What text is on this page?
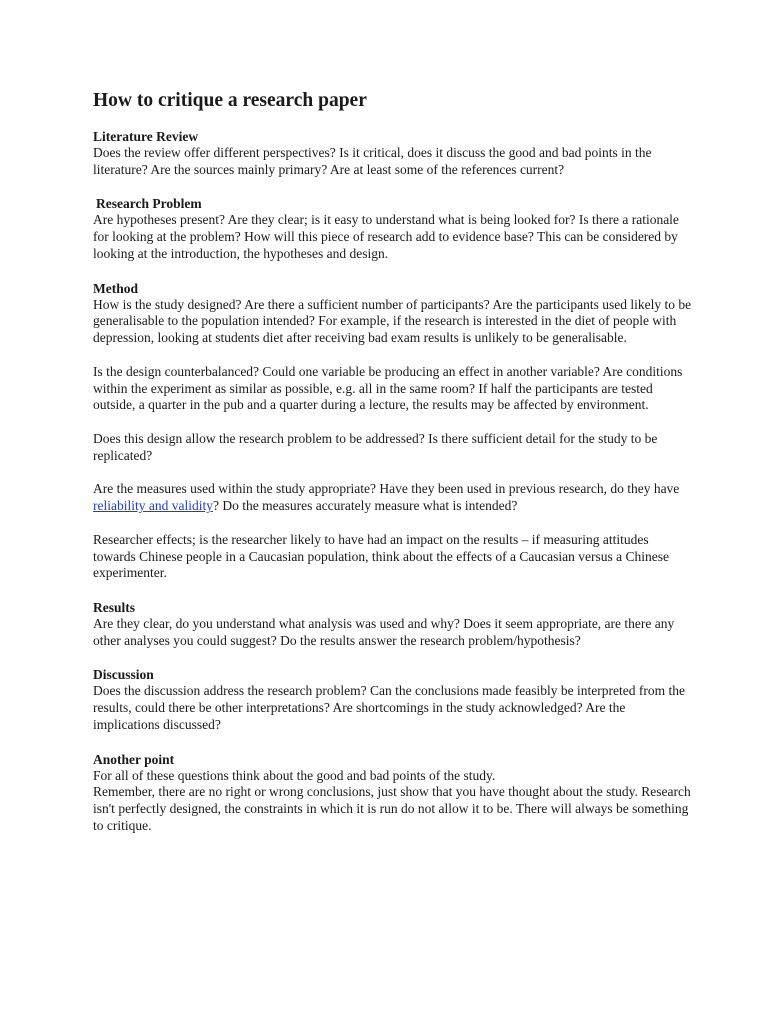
How to critique a research paper

Literature Review

Does the review offer different perspectives? Is it critical, does it discuss the good and bad points in the literature? Are the sources mainly primary? Are at least some of the references current?

Research Problem

Are hypotheses present? Are they clear; is it easy to understand what is being looked for? Is there a rationale for looking at the problem? How will this piece of research add to evidence base? This can be considered by looking at the introduction, the hypotheses and design.

Method

How is the study designed? Are there a sufficient number of participants? Are the participants used likely to be generalisable to the population intended? For example, if the research is interested in the diet of people with depression, looking at students diet after receiving bad exam results is unlikely to be generalisable.

Is the design counterbalanced? Could one variable be producing an effect in another variable? Are conditions within the experiment as similar as possible, e.g. all in the same room? If half the participants are tested outside, a quarter in the pub and a quarter during a lecture, the results may be affected by environment.

Does this design allow the research problem to be addressed? Is there sufficient detail for the study to be replicated?

Are the measures used within the study appropriate? Have they been used in previous research, do they have reliability and validity? Do the measures accurately measure what is intended?

Researcher effects; is the researcher likely to have had an impact on the results – if measuring attitudes towards Chinese people in a Caucasian population, think about the effects of a Caucasian versus a Chinese experimenter.

Results

Are they clear, do you understand what analysis was used and why? Does it seem appropriate, are there any other analyses you could suggest? Do the results answer the research problem/hypothesis?

Discussion

Does the discussion address the research problem? Can the conclusions made feasibly be interpreted from the results, could there be other interpretations? Are shortcomings in the study acknowledged? Are the implications discussed?

Another point

For all of these questions think about the good and bad points of the study.

Remember, there are no right or wrong conclusions, just show that you have thought about the study. Research isn't perfectly designed, the constraints in which it is run do not allow it to be. There will always be something to critique.
